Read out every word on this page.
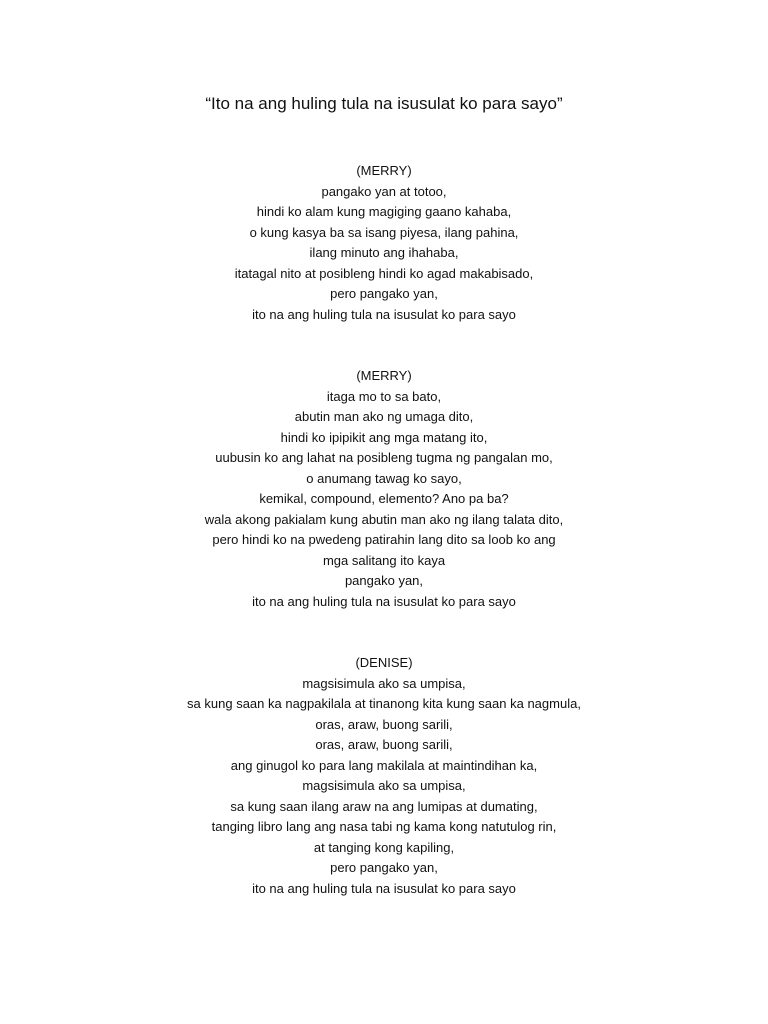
“Ito na ang huling tula na isusulat ko para sayo”
(MERRY)
pangako yan at totoo,
hindi ko alam kung magiging gaano kahaba,
o kung kasya ba sa isang piyesa, ilang pahina,
ilang minuto ang ihahaba,
itatagal nito at posibleng hindi ko agad makabisado,
pero pangako yan,
ito na ang huling tula na isusulat ko para sayo
(MERRY)
itaga mo to sa bato,
abutin man ako ng umaga dito,
hindi ko ipipikit ang mga matang ito,
uubusin ko ang lahat na posibleng tugma ng pangalan mo,
o anumang tawag ko sayo,
kemikal, compound, elemento? Ano pa ba?
wala akong pakialam kung abutin man ako ng ilang talata dito,
pero hindi ko na pwedeng patirahin lang dito sa loob ko ang
mga salitang ito kaya
pangako yan,
ito na ang huling tula na isusulat ko para sayo
(DENISE)
magsisimula ako sa umpisa,
sa kung saan ka nagpakilala at tinanong kita kung saan ka nagmula,
oras, araw, buong sarili,
oras, araw, buong sarili,
ang ginugol ko para lang makilala at maintindihan ka,
magsisimula ako sa umpisa,
sa kung saan ilang araw na ang lumipas at dumating,
tanging libro lang ang nasa tabi ng kama kong natutulog rin,
at tanging kong kapiling,
pero pangako yan,
ito na ang huling tula na isusulat ko para sayo
